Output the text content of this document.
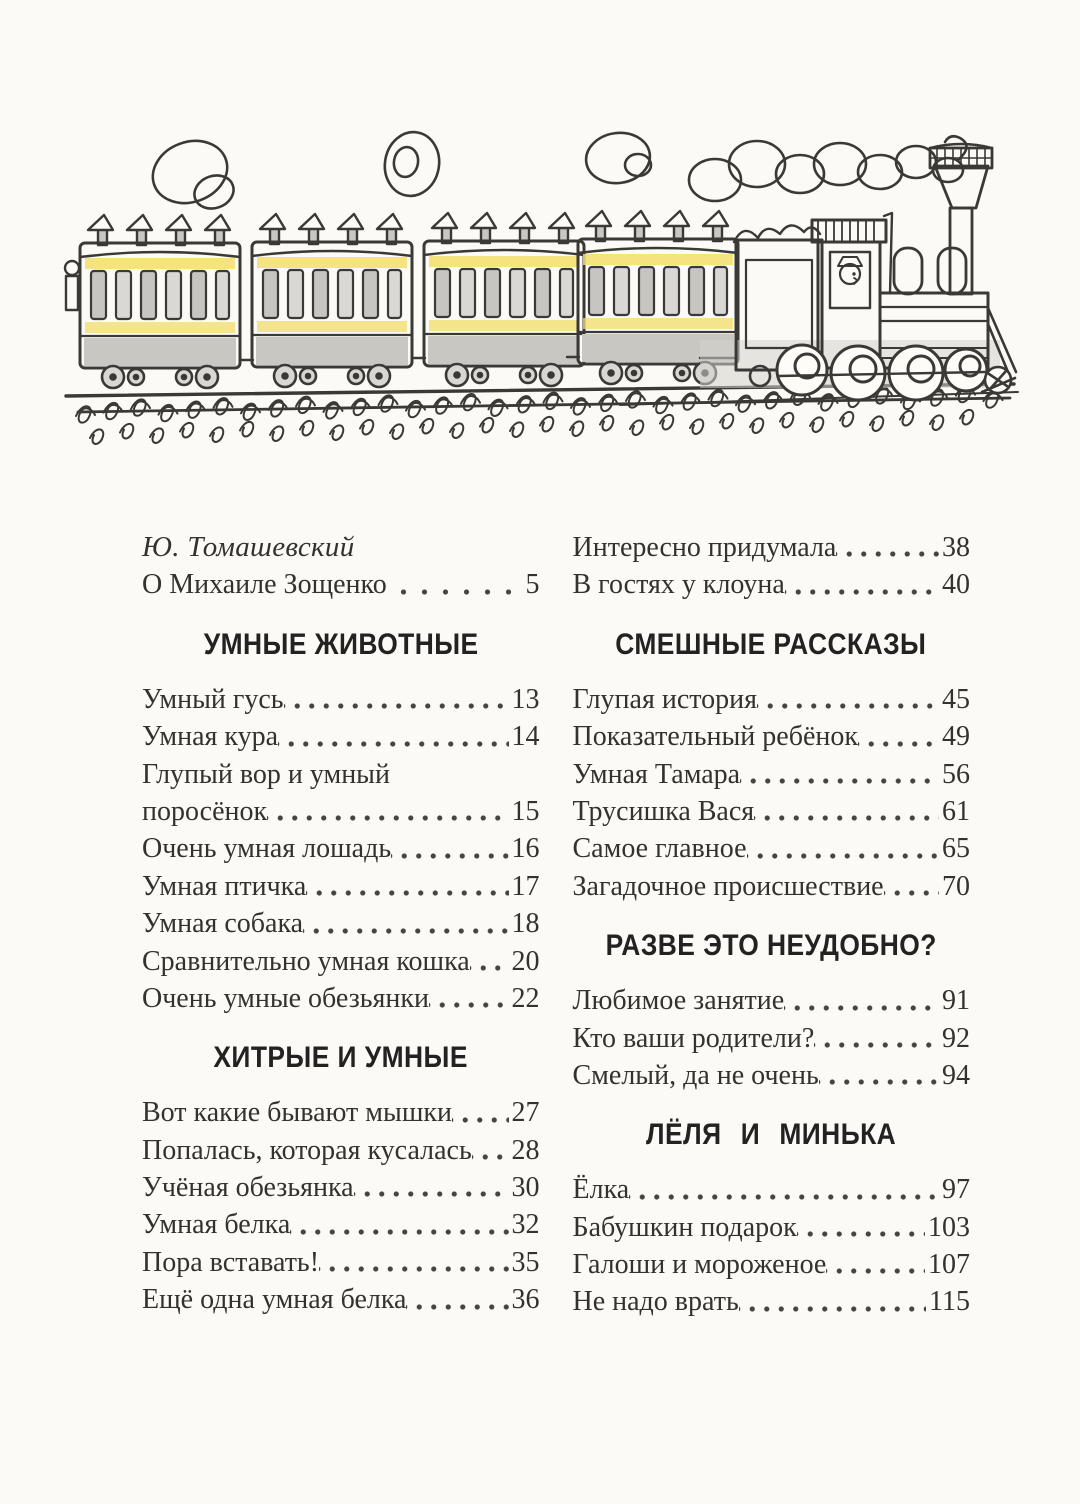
Ю. Томашевский
О Михаиле Зощенко	5
УМНЫЕ ЖИВОТНЫЕ
Умный гусь	13
Умная кура	14
Глупый вор и умный
поросёнок	15
Очень умная лошадь	16
Умная птичка	17
Умная собака	18
Сравнительно умная кошка 20
Очень умные обезьянки	22
ХИТРЫЕ И УМНЫЕ
Вот какие бывают мышки 27
Попалась, которая кусалась 28
Учёная обезьянка	30
Умная белка	32
Пора вставать!	35
Ещё одна умная белка	36
Интересно придумала	38
В гостях у клоуна	40
СМЕШНЫЕ РАССКАЗЫ
Глупая история	45
Показательный ребёнок	49
Умная Тамара	56
Трусишка Вася	61
Самое главное	65
Загадочное происшествие 70
РАЗВЕ ЭТО НЕУДОБНО?
Любимое занятие	91
Кто ваши родители?	92
Смелый, да не очень	94
ЛЁЛЯ И МИНЬКА
Ёлка	97
Бабушкин подарок	103
Галоши и мороженое	107
Не надо врать	115
